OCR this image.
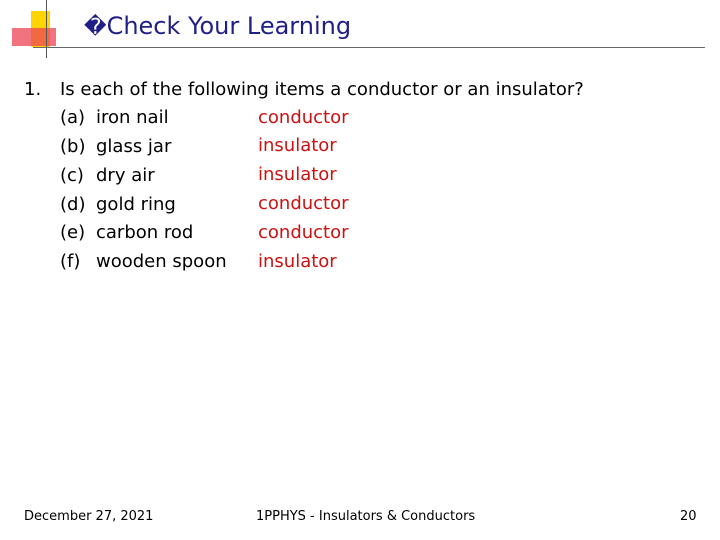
�Check Your Learning
1. Is each of the following items a conductor or an insulator?
(a) iron nail
(b) glass jar
(c) dry air
(d) gold ring
(e) carbon rod
(f) wooden spoon
conductor
insulator
insulator
conductor
conductor
insulator
December 27, 2021	1PPHYS - Insulators & Conductors	20
